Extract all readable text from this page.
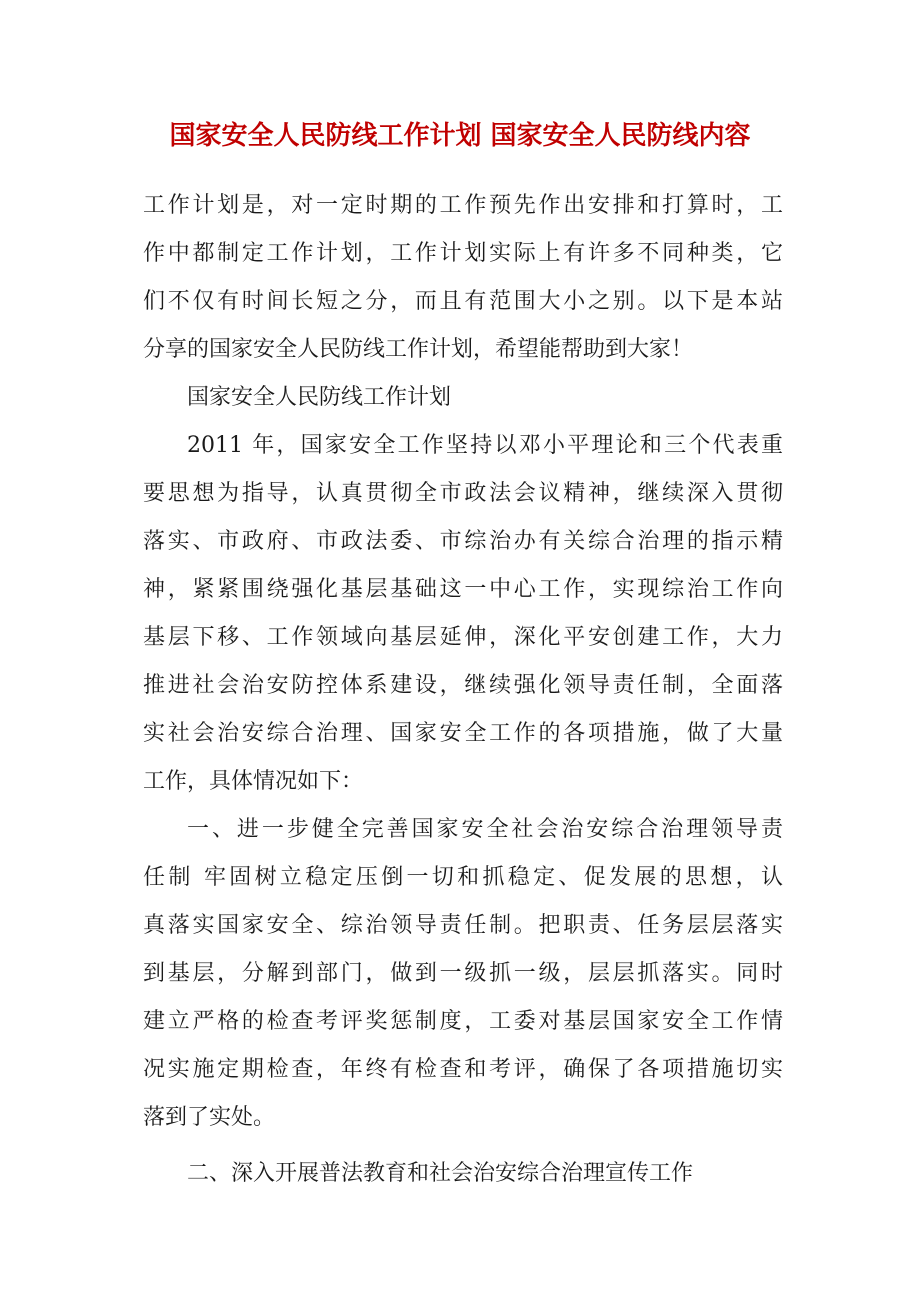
国家安全人民防线工作计划 国家安全人民防线内容
工作计划是，对一定时期的工作预先作出安排和打算时，工
作中都制定工作计划，工作计划实际上有许多不同种类，它
们不仅有时间长短之分，而且有范围大小之别。以下是本站
分享的国家安全人民防线工作计划，希望能帮助到大家！
国家安全人民防线工作计划
2011 年，国家安全工作坚持以邓小平理论和三个代表重
要思想为指导，认真贯彻全市政法会议精神，继续深入贯彻
落实、市政府、市政法委、市综治办有关综合治理的指示精
神，紧紧围绕强化基层基础这一中心工作，实现综治工作向
基层下移、工作领域向基层延伸，深化平安创建工作，大力
推进社会治安防控体系建设，继续强化领导责任制，全面落
实社会治安综合治理、国家安全工作的各项措施，做了大量
工作，具体情况如下：
一、进一步健全完善国家安全社会治安综合治理领导责
任制 牢固树立稳定压倒一切和抓稳定、促发展的思想，认
真落实国家安全、综治领导责任制。把职责、任务层层落实
到基层，分解到部门，做到一级抓一级，层层抓落实。同时
建立严格的检查考评奖惩制度，工委对基层国家安全工作情
况实施定期检查，年终有检查和考评，确保了各项措施切实
落到了实处。
二、深入开展普法教育和社会治安综合治理宣传工作
